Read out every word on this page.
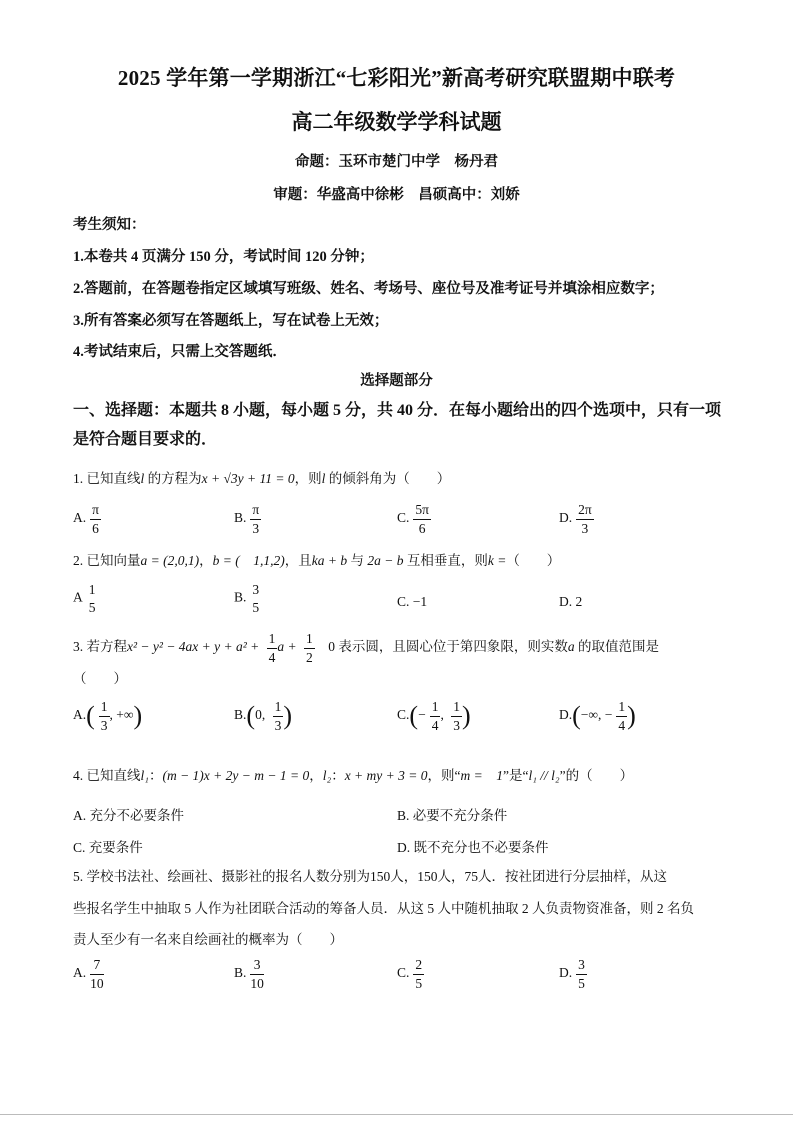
2025 学年第一学期浙江“七彩阳光”新高考研究联盟期中联考
高二年级数学学科试题
命题：玉环市楚门中学　杨丹君
审题：华盛高中徐彬　昌硕高中：刘娇
考生须知：
1.本卷共 4 页满分 150 分，考试时间 120 分钟；
2.答题前，在答题卷指定区域填写班级、姓名、考场号、座位号及准考证号并填涂相应数字；
3.所有答案必须写在答题纸上，写在试卷上无效；
4.考试结束后，只需上交答题纸．
选择题部分
一、选择题：本题共 8 小题，每小题 5 分，共 40 分．在每小题给出的四个选项中，只有一项是符合题目要求的．
1. 已知直线l 的方程为x + √3y + 11 = 0，则l 的倾斜角为（　　）
A. $\frac{\pi}{6}$	B. $\frac{\pi}{3}$	C. $\frac{5\pi}{6}$	D. $\frac{2\pi}{3}$
2. 已知向量a = (2,0,1)，b = (　1,1,2)，且ka + b 与 2a − b 互相垂直，则k =（　　）
A
1
5
B.
3
5	C. −1	D. 2
3. 若方程$x^2 - y^2 - 4ax + y + a^2 + \frac{1}{4}$ $a + \frac{1}{2}$ 　0 表示圆，且圆心位于第四象限，则实数a 的取值范围是
（　　）
$A.( \frac{1}{3}$ , +∞)	B.(0, $\frac{1}{3}$ )	$C.(- \frac{1}{4}$ , $\frac{1}{3}$ )	D.(−∞, − $\frac{1}{4}$ )
4. 已知直线l₁：(m − 1)x + 2y − m − 1 = 0，l₂：x + my + 3 = 0，则“m =　1”是“l₁ // l₂”的（　　）
A. 充分不必要条件	B. 必要不充分条件
C. 充要条件	D. 既不充分也不必要条件
5. 学校书法社、绘画社、摄影社的报名人数分别为150人，150人，75人．按社团进行分层抽样，从这
些报名学生中抽取 5 人作为社团联合活动的筹备人员．从这 5 人中随机抽取 2 人负责物资准备，则 2 名负
责人至少有一名来自绘画社的概率为（　　）
A. $\frac{7}{10}$	B. $\frac{3}{10}$	C. $\frac{2}{5}$	D. $\frac{3}{5}$
